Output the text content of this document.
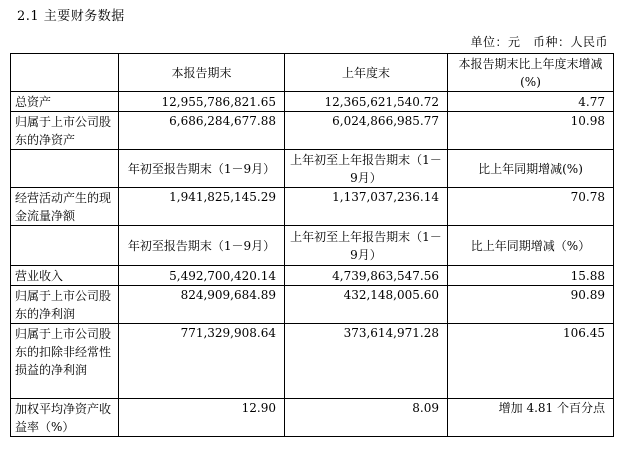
2.1 主要财务数据
单位：元　币种：人民币
	本报告期末	上年度末	本报告期末比上年度末增减(%)
总资产	12,955,786,821.65	12,365,621,540.72	4.77
归属于上市公司股东的净资产	6,686,284,677.88	6,024,866,985.77	10.98
	年初至报告期末（1－9月）	上年初至上年报告期末（1－9月）	比上年同期增减(%)
经营活动产生的现金流量净额	1,941,825,145.29	1,137,037,236.14	70.78
	年初至报告期末（1－9月）	上年初至上年报告期末（1－9月）	比上年同期增减（%）
营业收入	5,492,700,420.14	4,739,863,547.56	15.88
归属于上市公司股东的净利润	824,909,684.89	432,148,005.60	90.89
归属于上市公司股东的扣除非经常性损益的净利润	771,329,908.64	373,614,971.28	106.45
加权平均净资产收益率（%）	12.90	8.09	增加 4.81 个百分点
